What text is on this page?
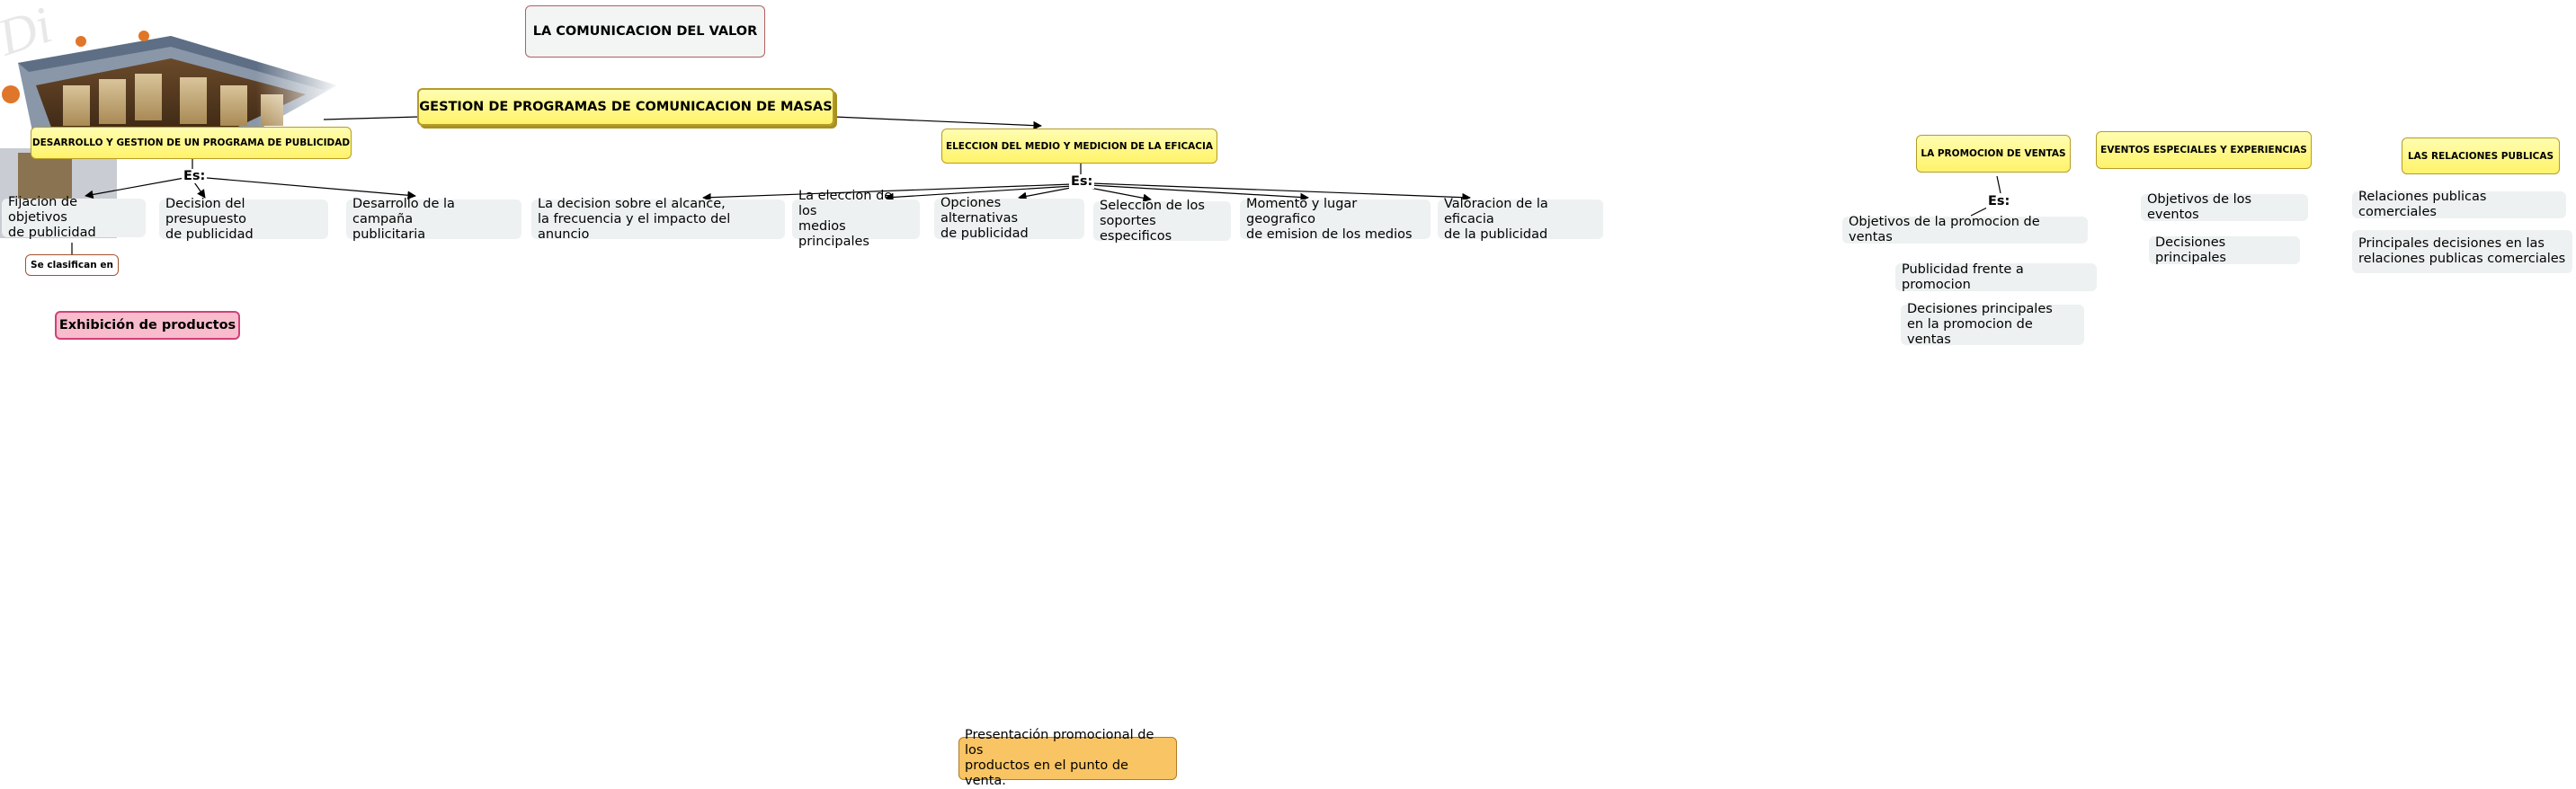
LA COMUNICACION DEL VALOR
GESTION DE PROGRAMAS DE COMUNICACION DE MASAS
DESARROLLO Y GESTION DE UN PROGRAMA DE PUBLICIDAD
Es:
Fijacion de objetivos
de publicidad
Decision del presupuesto
de publicidad
Desarrollo de la campaña
publicitaria
Se clasifican en
Exhibición de productos
ELECCION DEL MEDIO Y MEDICION DE LA EFICACIA
Es:
La decision sobre el alcance,
la frecuencia y el impacto del anuncio
La eleccion de los
medios principales
Opciones alternativas
de publicidad
Seleccion de los
soportes especificos
Momento y lugar geografico
de emision de los medios
Valoracion de la eficacia
de la publicidad
LA PROMOCION DE VENTAS
Es:
Objetivos de la promocion de ventas
Publicidad frente a promocion
Decisiones principales
en la promocion de ventas
EVENTOS ESPECIALES Y EXPERIENCIAS
Objetivos de los eventos
Decisiones principales
LAS RELACIONES PUBLICAS
Relaciones publicas comerciales
Principales decisiones en las
relaciones publicas comerciales
Presentación promocional de los
productos en el punto de venta.
